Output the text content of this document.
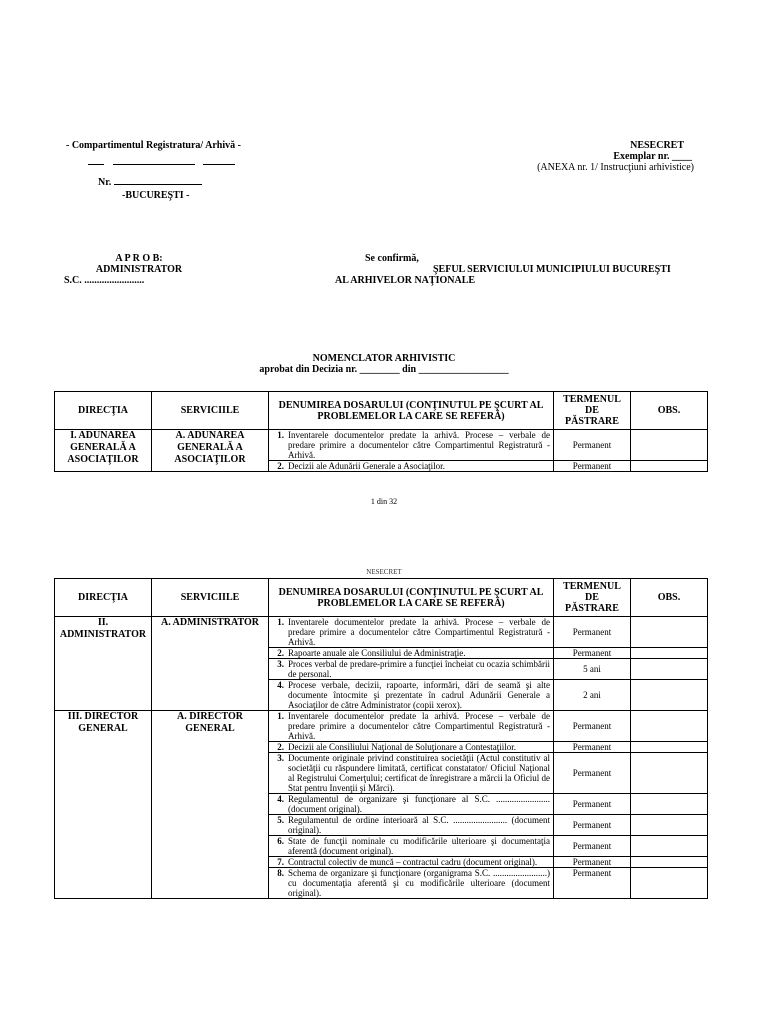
- Compartimentul Registratura/ Arhivă -

Nr.
-BUCUREŞTI -
NESECRET
Exemplar nr. ____
(ANEXA nr. 1/ Instrucţiuni arhivistice)
A P R O B:
ADMINISTRATOR
S.C. ........................
Se confirmă,
ŞEFUL SERVICIULUI MUNICIPIULUI BUCUREŞTI
AL ARHIVELOR NAŢIONALE
NOMENCLATOR ARHIVISTIC
aprobat din Decizia nr. ________ din __________________
DIRECŢIA	SERVICIILE	DENUMIREA DOSARULUI (CONŢINUTUL PE ŞCURT AL PROBLEMELOR LA CARE SE REFERĂ)		TERMENUL DE PĂSTRARE	OBS.
I. ADUNAREA GENERALĂ A ASOCIAŢILOR	A. ADUNAREA GENERALĂ A ASOCIAŢILOR	1.	Inventarele documentelor predate la arhivă. Procese – verbale de predare primire a documentelor către Compartimentul Registratură - Arhivă.	Permanent	
		2.	Decizii ale Adunării Generale a Asociaţilor.	Permanent	
1 din 32
NESECRET
DIRECŢIA	SERVICIILE	DENUMIREA DOSARULUI (CONŢINUTUL PE ŞCURT AL PROBLEMELOR LA CARE SE REFERĂ)		TERMENUL DE PĂSTRARE	OBS.
II. ADMINISTRATOR	A. ADMINISTRATOR	1.	Inventarele documentelor predate la arhivă. Procese – verbale de predare primire a documentelor către Compartimentul Registratură - Arhivă.	Permanent	
		2.	Rapoarte anuale ale Consiliului de Administraţie.	Permanent	
		3.	Proces verbal de predare-primire a funcţiei încheiat cu ocazia schimbării de personal.	5 ani	
		4.	Procese verbale, decizii, rapoarte, informări, dări de seamă şi alte documente întocmite şi prezentate în cadrul Adunării Generale a Asociaţilor de către Administrator (copii xerox).	2 ani	
III. DIRECTOR GENERAL	A. DIRECTOR GENERAL	1.	Inventarele documentelor predate la arhivă. Procese – verbale de predare primire a documentelor către Compartimentul Registratură - Arhivă.	Permanent	
		2.	Decizii ale Consiliului Naţional de Soluţionare a Contestaţiilor.	Permanent	
		3.	Documente originale privind constituirea societăţii (Actul constitutiv al societăţii cu răspundere limitată, certificat constatator/ Oficiul Naţional al Registrului Comerţului; certificat de înregistrare a mărcii la Oficiul de Stat pentru Invenţii şi Mărci).	Permanent	
		4.	Regulamentul de organizare şi funcţionare al S.C. ........................ (document original).	Permanent	
		5.	Regulamentul de ordine interioară al S.C. ........................ (document original).	Permanent	
		6.	State de funcţii nominale cu modificările ulterioare şi documentaţia aferentă (document original).	Permanent	
		7.	Contractul colectiv de muncă – contractul cadru (document original).	Permanent	
		8.	Schema de organizare şi funcţionare (organigrama S.C. ........................) cu documentaţia aferentă şi cu modificările ulterioare (document original).	Permanent	
